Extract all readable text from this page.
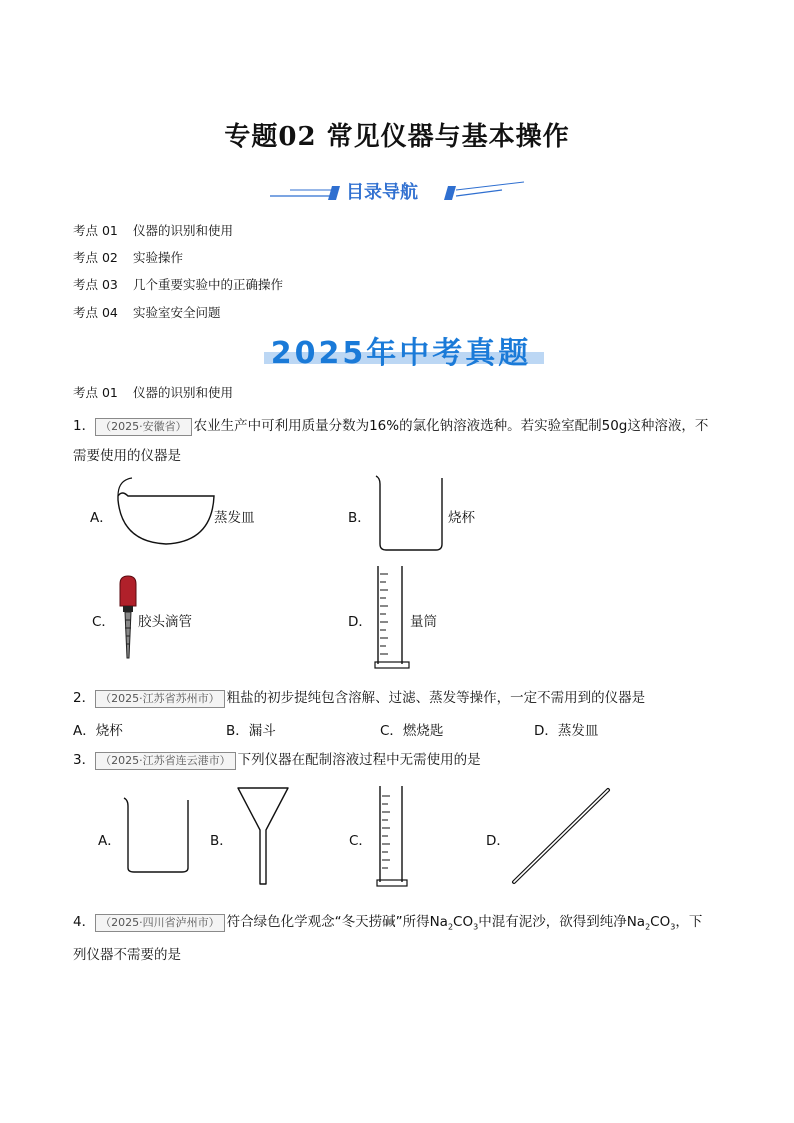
专题02 常见仪器与基本操作
目录导航
考点 01 仪器的识别和使用
考点 02 实验操作
考点 03 几个重要实验中的正确操作
考点 04 实验室安全问题
2025年中考真题
考点 01 仪器的识别和使用
1． （2025·安徽省） 农业生产中可利用质量分数为16%的氯化钠溶液选种。若实验室配制50g这种溶液，不
需要使用的仪器是
A．	蒸发皿	B．	烧杯
C． 胶头滴管	D．	量筒
2． （2025·江苏省苏州市） 粗盐的初步提纯包含溶解、过滤、蒸发等操作，一定不需用到的仪器是
A．烧杯	B．漏斗	C．燃烧匙	D．蒸发皿
3． （2025·江苏省连云港市） 下列仪器在配制溶液过程中无需使用的是
A．	B．	C．	D．
4． （2025·四川省泸州市） 符合绿色化学观念“冬天捞碱”所得$Na_2CO_3$中混有泥沙，欲得到纯净$Na_2CO_3$，下
列仪器不需要的是
